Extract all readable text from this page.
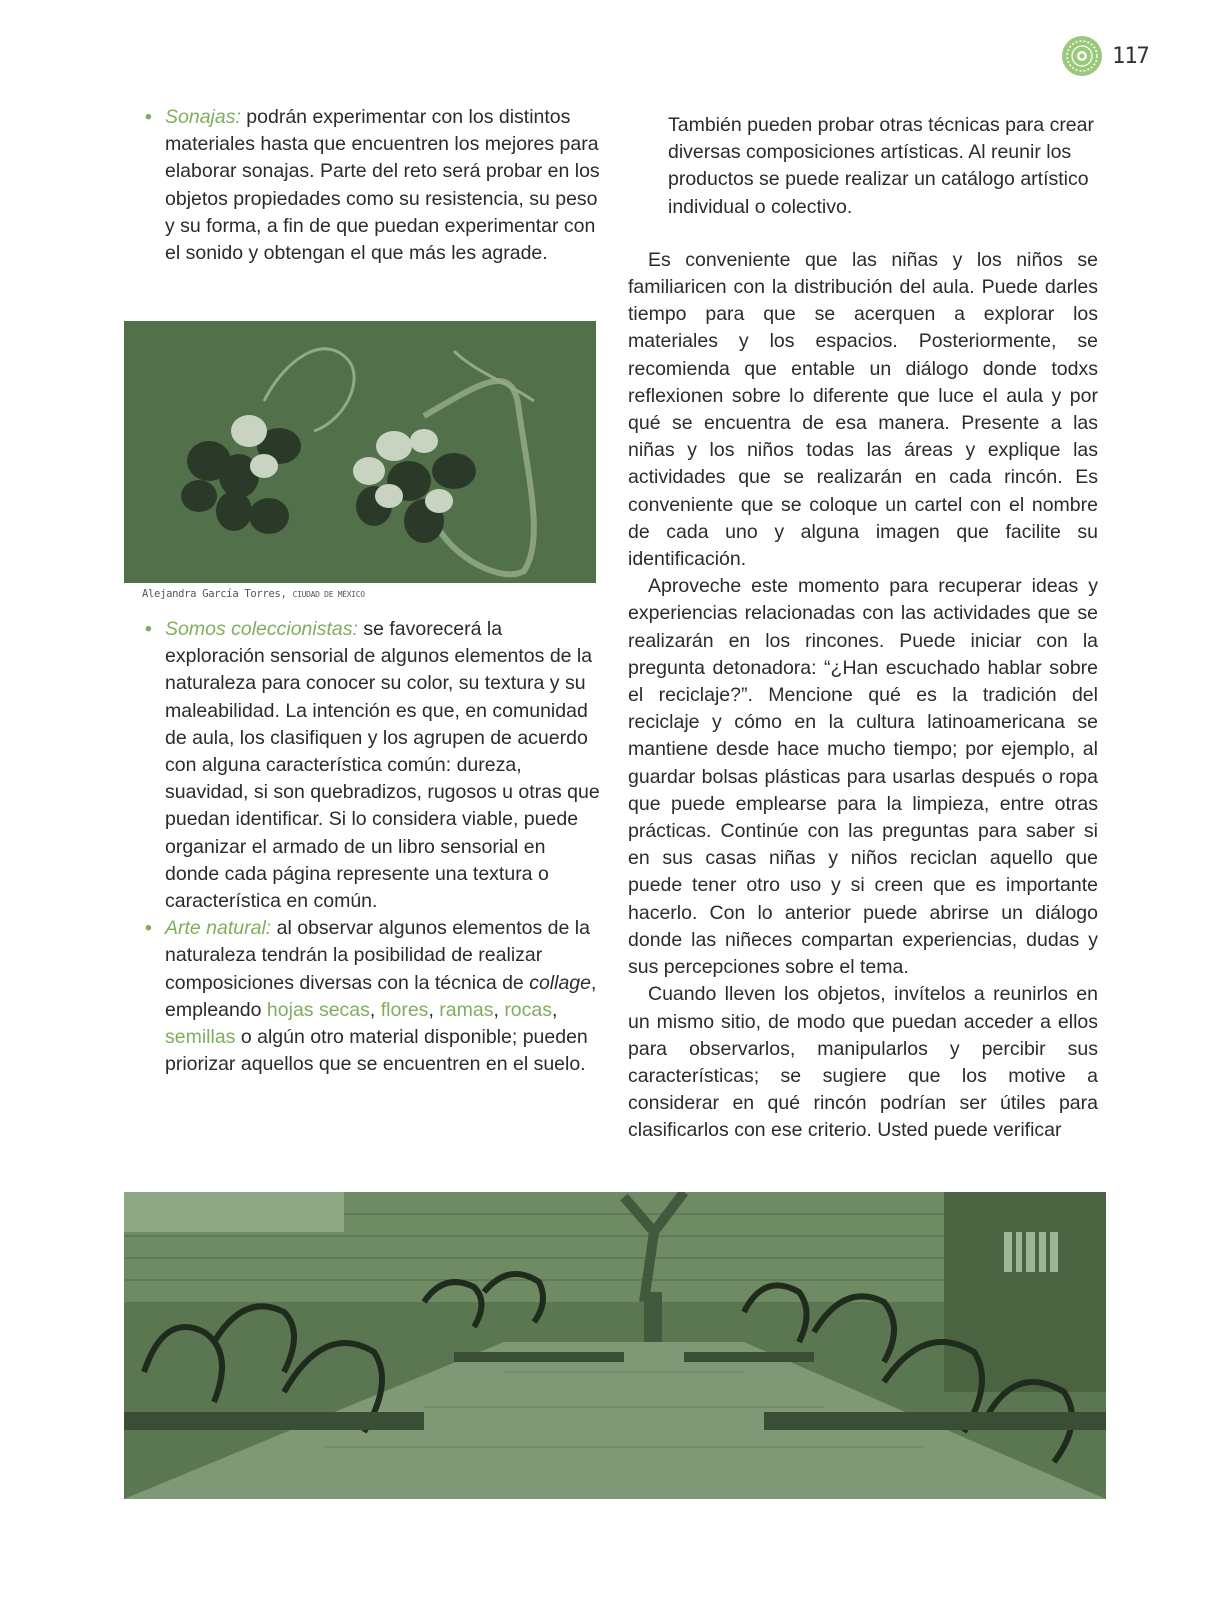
117
• Sonajas: podrán experimentar con los distintos materiales hasta que encuentren los mejores para elaborar sonajas. Parte del reto será probar en los objetos propiedades como su resistencia, su peso y su forma, a fin de que puedan experimentar con el sonido y obtengan el que más les agrade.
Alejandra García Torres, CIUDAD DE MÉXICO
• Somos coleccionistas: se favorecerá la exploración sensorial de algunos elementos de la naturaleza para conocer su color, su textura y su maleabilidad. La intención es que, en comunidad de aula, los clasifiquen y los agrupen de acuerdo con alguna característica común: dureza, suavidad, si son quebradizos, rugosos u otras que puedan identificar. Si lo considera viable, puede organizar el armado de un libro sensorial en donde cada página represente una textura o característica en común.
• Arte natural: al observar algunos elementos de la naturaleza tendrán la posibilidad de realizar composiciones diversas con la técnica de collage, empleando hojas secas, flores, ramas, rocas, semillas o algún otro material disponible; pueden priorizar aquellos que se encuentren en el suelo.

También pueden probar otras técnicas para crear diversas composiciones artísticas. Al reunir los productos se puede realizar un catálogo artístico individual o colectivo.

Es conveniente que las niñas y los niños se familiaricen con la distribución del aula. Puede darles tiempo para que se acerquen a explorar los materiales y los espacios. Posteriormente, se recomienda que entable un diálogo donde todxs reflexionen sobre lo diferente que luce el aula y por qué se encuentra de esa manera. Presente a las niñas y los niños todas las áreas y explique las actividades que se realizarán en cada rincón. Es conveniente que se coloque un cartel con el nombre de cada uno y alguna imagen que facilite su identificación.

Aproveche este momento para recuperar ideas y experiencias relacionadas con las actividades que se realizarán en los rincones. Puede iniciar con la pregunta detonadora: “¿Han escuchado hablar sobre el reciclaje?”. Mencione qué es la tradición del reciclaje y cómo en la cultura latinoamericana se mantiene desde hace mucho tiempo; por ejemplo, al guardar bolsas plásticas para usarlas después o ropa que puede emplearse para la limpieza, entre otras prácticas. Continúe con las preguntas para saber si en sus casas niñas y niños reciclan aquello que puede tener otro uso y si creen que es importante hacerlo. Con lo anterior puede abrirse un diálogo donde las niñeces compartan experiencias, dudas y sus percepciones sobre el tema.

Cuando lleven los objetos, invítelos a reunirlos en un mismo sitio, de modo que puedan acceder a ellos para observarlos, manipularlos y percibir sus características; se sugiere que los motive a considerar en qué rincón podrían ser útiles para clasificarlos con ese criterio. Usted puede verificar
